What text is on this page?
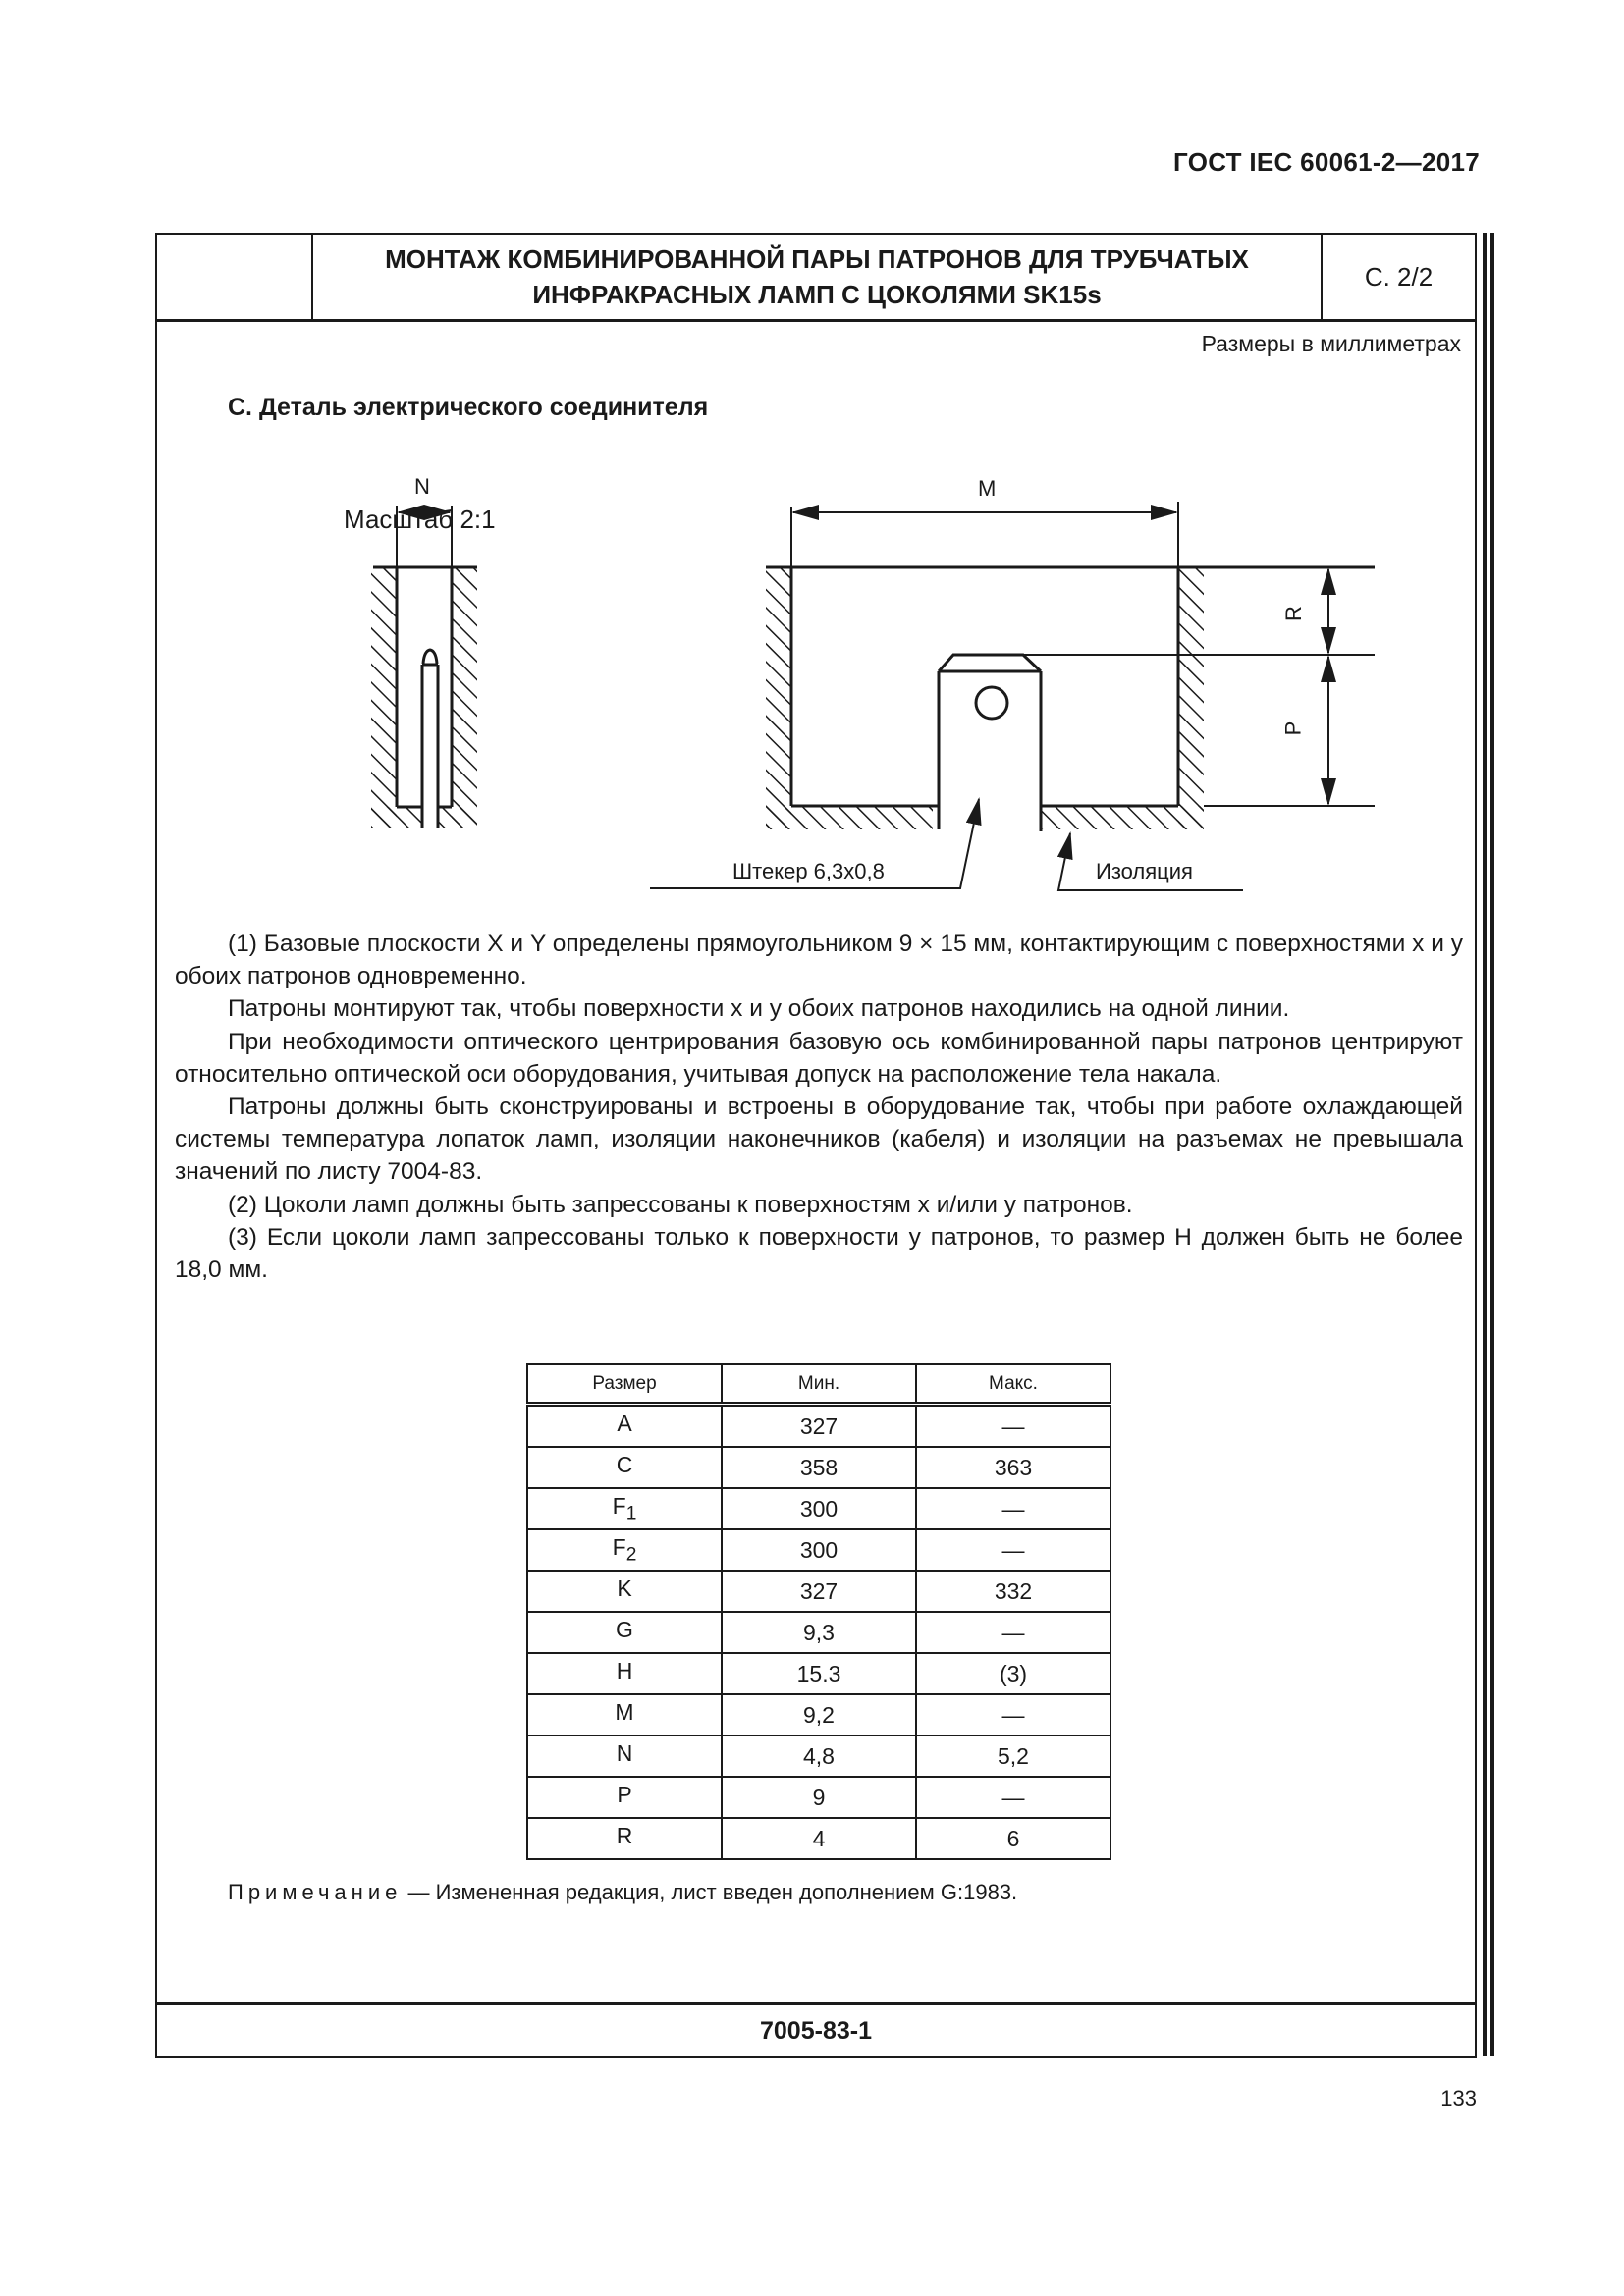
ГОСТ IEC 60061-2—2017
МОНТАЖ КОМБИНИРОВАННОЙ ПАРЫ ПАТРОНОВ ДЛЯ ТРУБЧАТЫХ
ИНФРАКРАСНЫХ ЛАМП С ЦОКОЛЯМИ SK15s
С. 2/2
Размеры в миллиметрах
С. Деталь электрического соединителя
Масштаб 2:1
N	M
R
P
Штекер 6,3х0,8	Изоляция

(1) Базовые плоскости X и Y определены прямоугольником 9 × 15 мм, контактирующим с поверхностями x и y обоих патронов одновременно.

Патроны монтируют так, чтобы поверхности x и y обоих патронов находились на одной линии.

При необходимости оптического центрирования базовую ось комбинированной пары патронов центрируют относительно оптической оси оборудования, учитывая допуск на расположение тела накала.

Патроны должны быть сконструированы и встроены в оборудование так, чтобы при работе охлаждающей системы температура лопаток ламп, изоляции наконечников (кабеля) и изоляции на разъемах не превышала значений по листу 7004-83.

(2) Цоколи ламп должны быть запрессованы к поверхностям x и/или y патронов.

(3) Если цоколи ламп запрессованы только к поверхности y патронов, то размер H должен быть не более 18,0 мм.

Размер	Мин.	Макс.
A	327	—
C	358	363
$F_1$	300	—
$F_2$	300	—
K	327	332
G	9,3	—
H	15.3	(3)
M	9,2	—
N	4,8	5,2
P	9	—
R	4	6
Примечание — Измененная редакция, лист введен дополнением G:1983.
7005-83-1
133
